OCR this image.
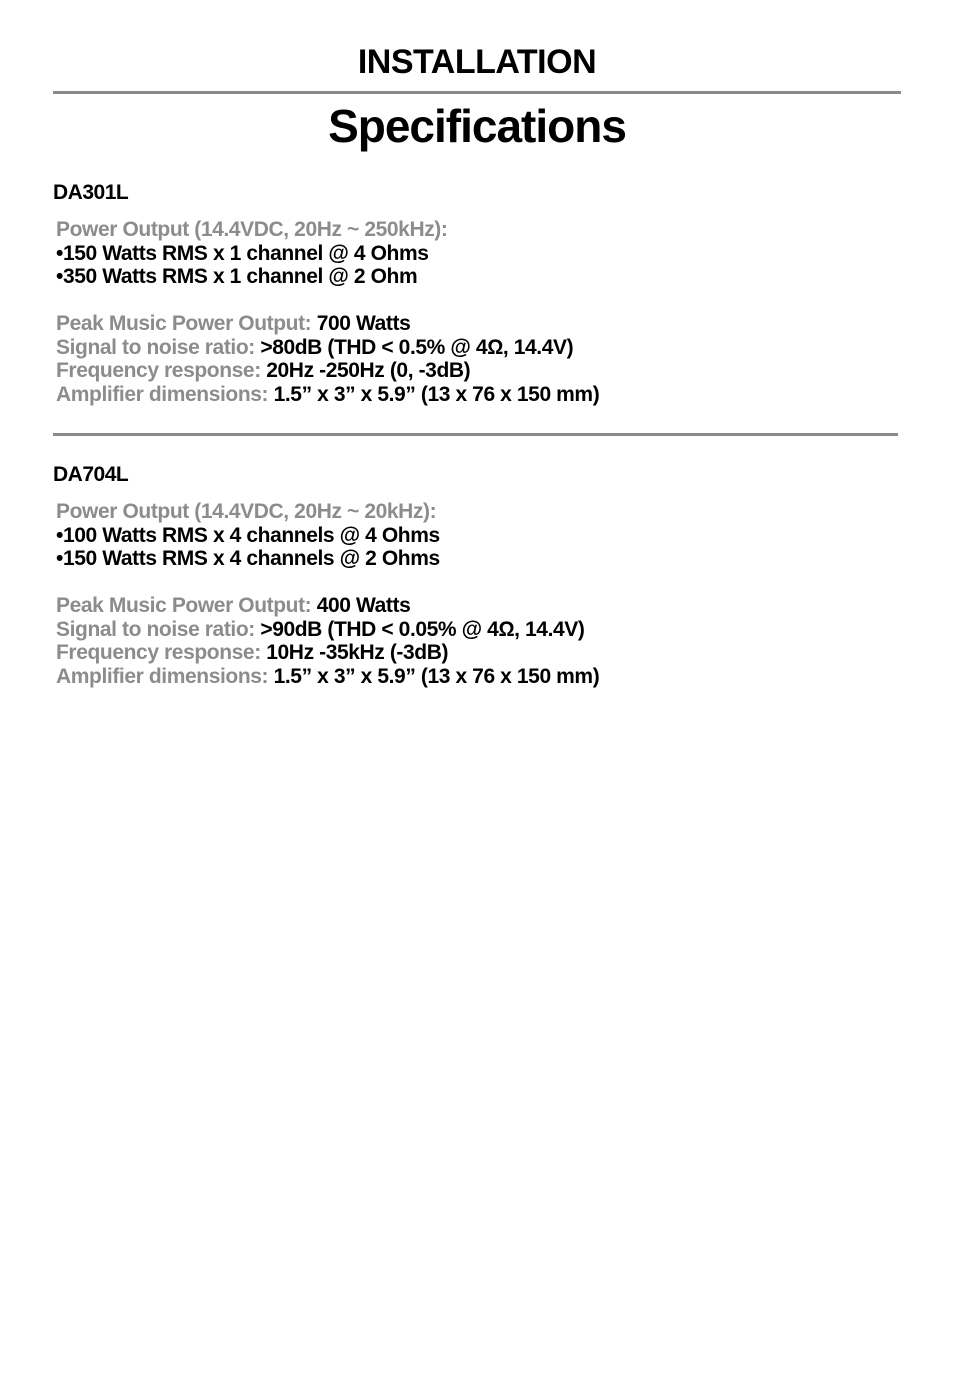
INSTALLATION
Specifications
DA301L
Power Output (14.4VDC, 20Hz ~ 250kHz):
•150 Watts RMS x 1 channel @ 4 Ohms
•350 Watts RMS x 1 channel @ 2 Ohm
Peak Music Power Output: 700 Watts
Signal to noise ratio: >80dB (THD < 0.5% @ 4Ω, 14.4V)
Frequency response: 20Hz -250Hz (0, -3dB)
Amplifier dimensions: 1.5” x 3” x 5.9” (13 x 76 x 150 mm)
DA704L
Power Output (14.4VDC, 20Hz ~ 20kHz):
•100 Watts RMS x 4 channels @ 4 Ohms
•150 Watts RMS x 4 channels @ 2 Ohms
Peak Music Power Output: 400 Watts
Signal to noise ratio: >90dB (THD < 0.05% @ 4Ω, 14.4V)
Frequency response: 10Hz -35kHz (-3dB)
Amplifier dimensions: 1.5” x 3” x 5.9” (13 x 76 x 150 mm)
